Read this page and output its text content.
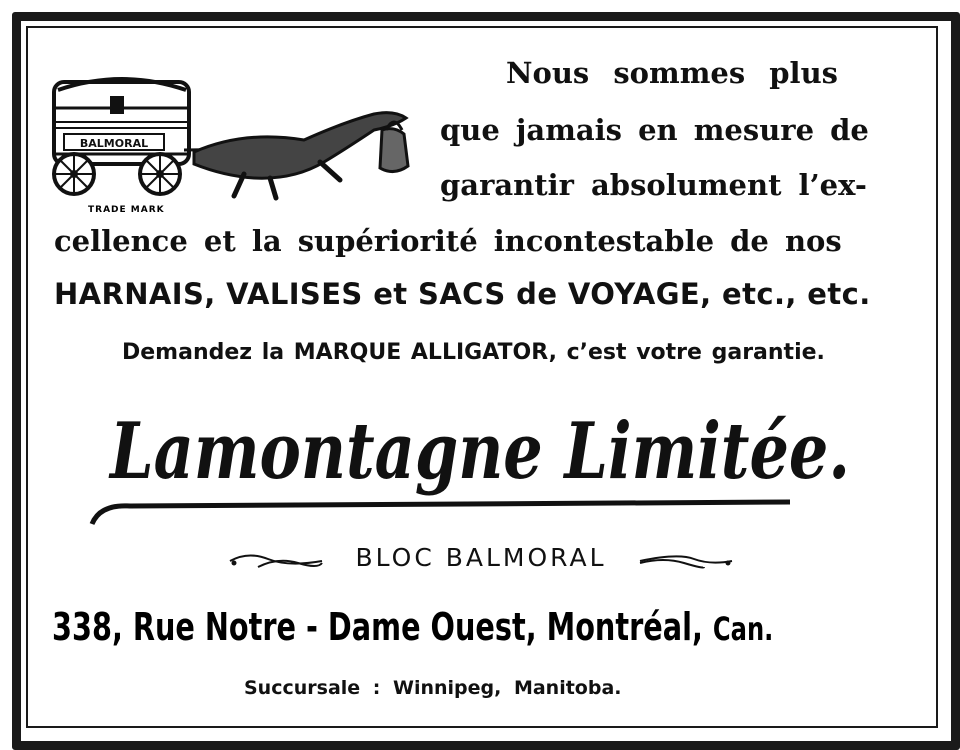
BALMORAL
TRADE MARK
Nous sommes plus
que jamais en mesure de
garantir absolument l’ex-
cellence et la supériorité incontestable de nos
HARNAIS, VALISES et SACS de VOYAGE, etc., etc.
Demandez la MARQUE ALLIGATOR, c’est votre garantie.
Lamontagne Limitée.
BLOC BALMORAL
338, Rue Notre - Dame Ouest, Montréal, Can.
Succursale : Winnipeg, Manitoba.
